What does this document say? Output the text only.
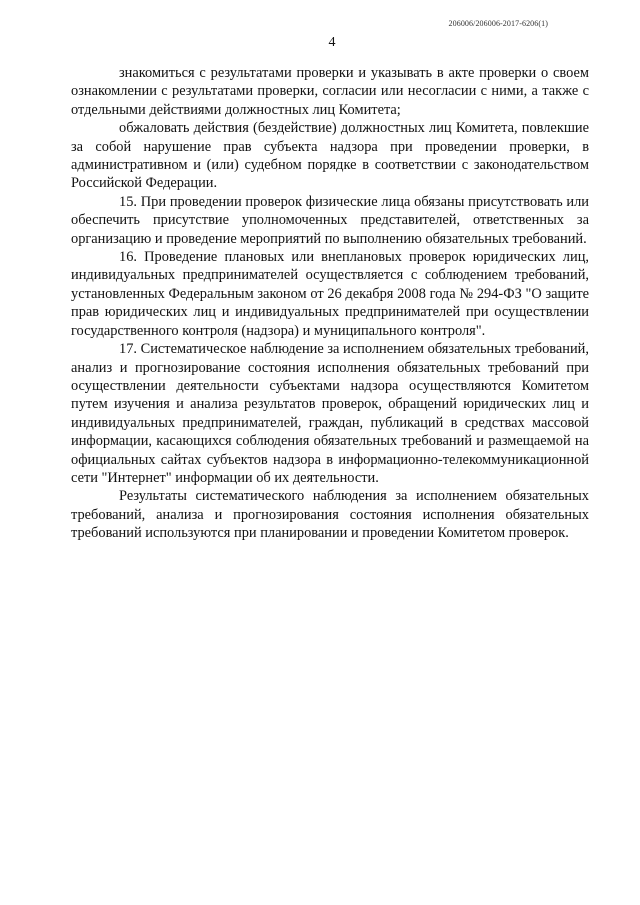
206006/206006-2017-6206(1)
4

знакомиться с результатами проверки и указывать в акте проверки о своем ознакомлении с результатами проверки, согласии или несогласии с ними, а также с отдельными действиями должностных лиц Комитета;

обжаловать действия (бездействие) должностных лиц Комитета, повлекшие за собой нарушение прав субъекта надзора при проведении проверки, в административном и (или) судебном порядке в соответствии с законодательством Российской Федерации.

15. При проведении проверок физические лица обязаны присутствовать или обеспечить присутствие уполномоченных представителей, ответственных за организацию и проведение мероприятий по выполнению обязательных требований.

16. Проведение плановых или внеплановых проверок юридических лиц, индивидуальных предпринимателей осуществляется с соблюдением требований, установленных Федеральным законом от 26 декабря 2008 года № 294-ФЗ "О защите прав юридических лиц и индивидуальных предпринимателей при осуществлении государственного контроля (надзора) и муниципального контроля".

17. Систематическое наблюдение за исполнением обязательных требований, анализ и прогнозирование состояния исполнения обязательных требований при осуществлении деятельности субъектами надзора осуществляются Комитетом путем изучения и анализа результатов проверок, обращений юридических лиц и индивидуальных предпринимателей, граждан, публикаций в средствах массовой информации, касающихся соблюдения обязательных требований и размещаемой на официальных сайтах субъектов надзора в информационно-телекоммуникационной сети "Интернет" информации об их деятельности.

Результаты систематического наблюдения за исполнением обязательных требований, анализа и прогнозирования состояния исполнения обязательных требований используются при планировании и проведении Комитетом проверок.
